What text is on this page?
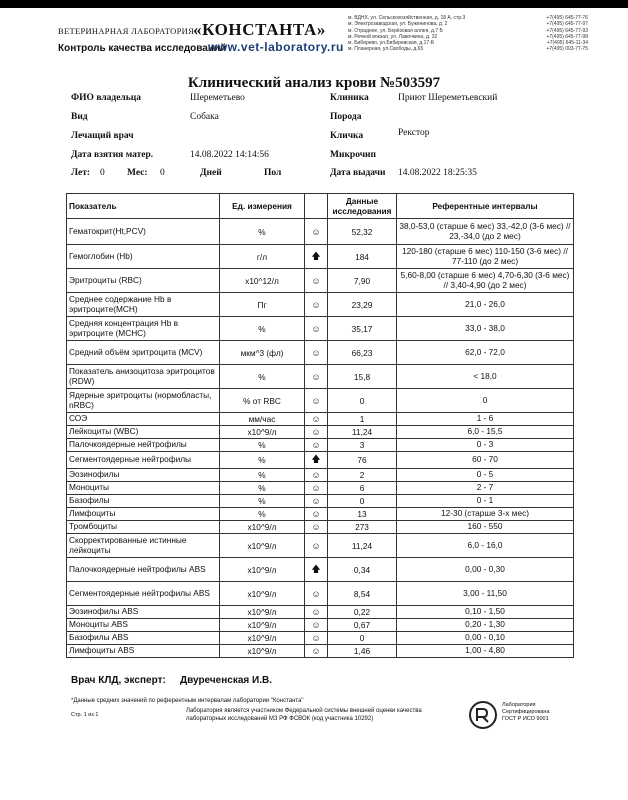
ВЕТЕРИНАРНАЯ ЛАБОРАТОРИЯ
«КОНСТАНТА»
Контроль качества исследований
www.vet-laboratory.ru
м. ВДНХ, ул. Сельскохозяйственная, д. 18 А, стр.3	+7(495) 645-77-76
м. Электрозаводская, ул. Буженинова, д. 2	+7(495) 645-77-97
м. Отрадное, ул. Берёзовая аллея, д.7 Б	+7(495) 645-77-93
м. Речной вокзал, ул. Лавочкина, д. 32	+7(495) 645-77-98
м. Бибирево, ул.Бибиревская, д.17-Б	+7(495) 645-11-34
м. Планерная, ул.Свободы, д.65	+7(495) 003-77-75
Клинический анализ крови №503597
ФИО владельца	Шереметьево	Клиника	Приют Шереметьевский
Вид	Собака	Порода
Лечащий врач	Кличка	Рекстор
Дата взятия матер.	14.08.2022 14:14:56	Микрочип
Лет: 0 Мес: 0	Дней	Пол	Дата выдачи 14.08.2022 18:25:35
Показатель	Ед. измерения		Данные исследования	Референтные интервалы
Гематокрит(Ht,PCV)	%	☺	52,32	38,0-53,0 (старше 6 мес) 33,-42,0 (3-6 мес) // 23,-34,0 (до 2 мес)
Гемоглобин (Hb)	г/л	🡅	184	120-180 (старше 6 мес) 110-150 (3-6 мес) // 77-110 (до 2 мес)
Эритроциты (RBC)	x10^12/л	☺	7,90	5,60-8,00 (старше 6 мес) 4,70-6,30 (3-6 мес) // 3,40-4,90 (до 2 мес)
Среднее содержание Hb в эритроците(MCH)	Пг	☺	23,29	21,0 - 26,0
Средняя концентрация Hb в эритроците (MCHC)	%	☺	35,17	33,0 - 38,0
Средний объём эритроцита (MCV)	мкм^3 (фл)	☺	66,23	62,0 - 72,0
Показатель анизоцитоза эритроцитов (RDW)	%	☺	15,8	< 18,0
Ядерные эритроциты (нормобласты, nRBC)	% от RBC	☺	0	0
СОЭ	мм/час	☺	1	1 - 6
Лейкоциты (WBC)	x10^9/л	☺	11,24	6,0 - 15,5
Палочкоядерные нейтрофилы	%	☺	3	0 - 3
Сегментоядерные нейтрофилы	%	🡅	76	60 - 70
Эозинофилы	%	☺	2	0 - 5
Моноциты	%	☺	6	2 - 7
Базофилы	%	☺	0	0 - 1
Лимфоциты	%	☺	13	12-30 (старше 3-х мес)
Тромбоциты	x10^9/л	☺	273	160 - 550
Скорректированные истинные лейкоциты	x10^9/л	☺	11,24	6,0 - 16,0
Палочкоядерные нейтрофилы ABS	x10^9/л	🡅	0,34	0,00 - 0,30
Сегментоядерные нейтрофилы ABS	x10^9/л	☺	8,54	3,00 - 11,50
Эозинофилы ABS	x10^9/л	☺	0,22	0,10 - 1,50
Моноциты ABS	x10^9/л	☺	0,67	0,20 - 1,30
Базофилы ABS	x10^9/л	☺	0	0,00 - 0,10
Лимфоциты ABS	x10^9/л	☺	1,46	1,00 - 4,80
Врач КЛД, эксперт: Двуреченская И.В.
*Данные средних значений по референтным интервалам лаборатории "Константа"
Стр. 1 из 1
Лаборатория является участником Федеральной системы внешней оценки качества лабораторных исследований МЗ РФ ФСВОК (код участника 10292)
Лаборатория
Сертифицирована
ГОСТ Р ИСО 9001
